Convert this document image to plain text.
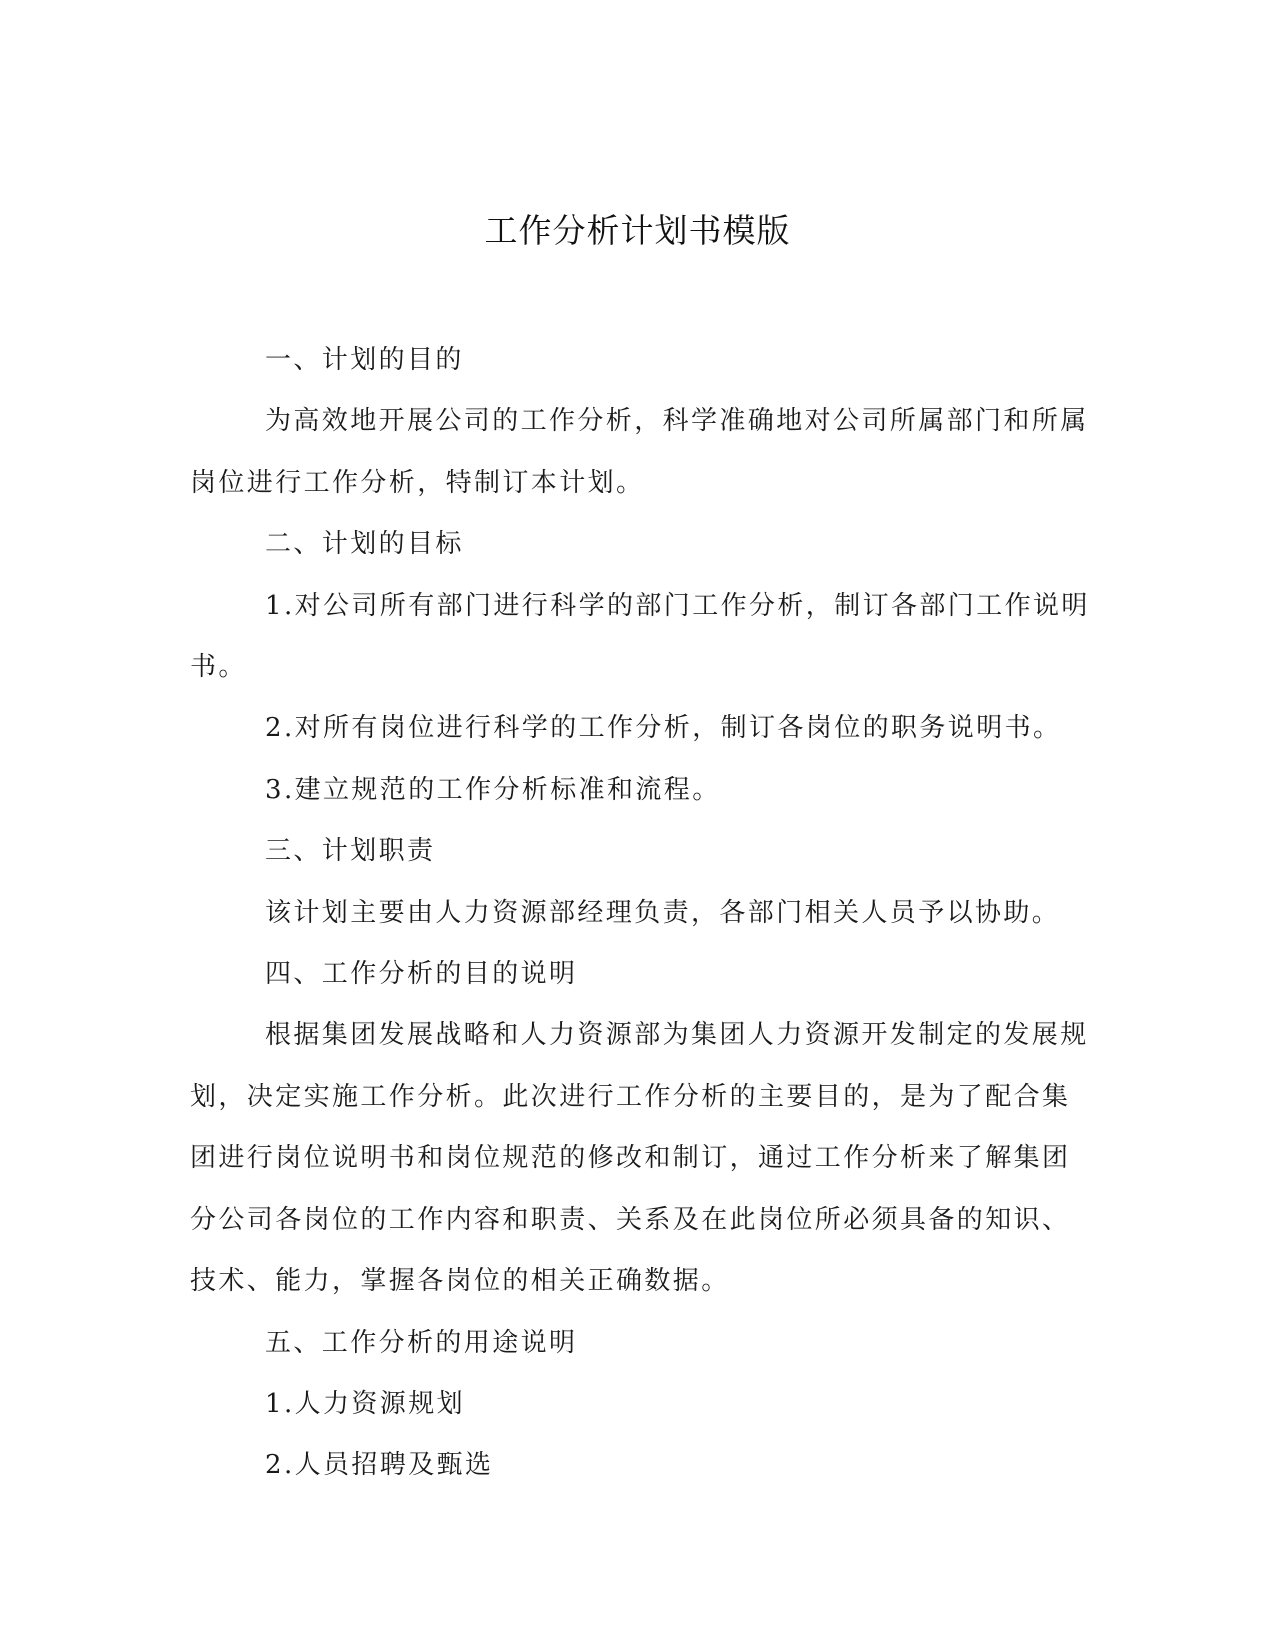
工作分析计划书模版

一、计划的目的

为高效地开展公司的工作分析，科学准确地对公司所属部门和所属岗位进行工作分析，特制订本计划。

二、计划的目标

1.对公司所有部门进行科学的部门工作分析，制订各部门工作说明书。

2.对所有岗位进行科学的工作分析，制订各岗位的职务说明书。

3.建立规范的工作分析标准和流程。

三、计划职责

该计划主要由人力资源部经理负责，各部门相关人员予以协助。

四、工作分析的目的说明

根据集团发展战略和人力资源部为集团人力资源开发制定的发展规划，决定实施工作分析。此次进行工作分析的主要目的，是为了配合集团进行岗位说明书和岗位规范的修改和制订，通过工作分析来了解集团分公司各岗位的工作内容和职责、关系及在此岗位所必须具备的知识、技术、能力，掌握各岗位的相关正确数据。

五、工作分析的用途说明

1.人力资源规划

2.人员招聘及甄选
